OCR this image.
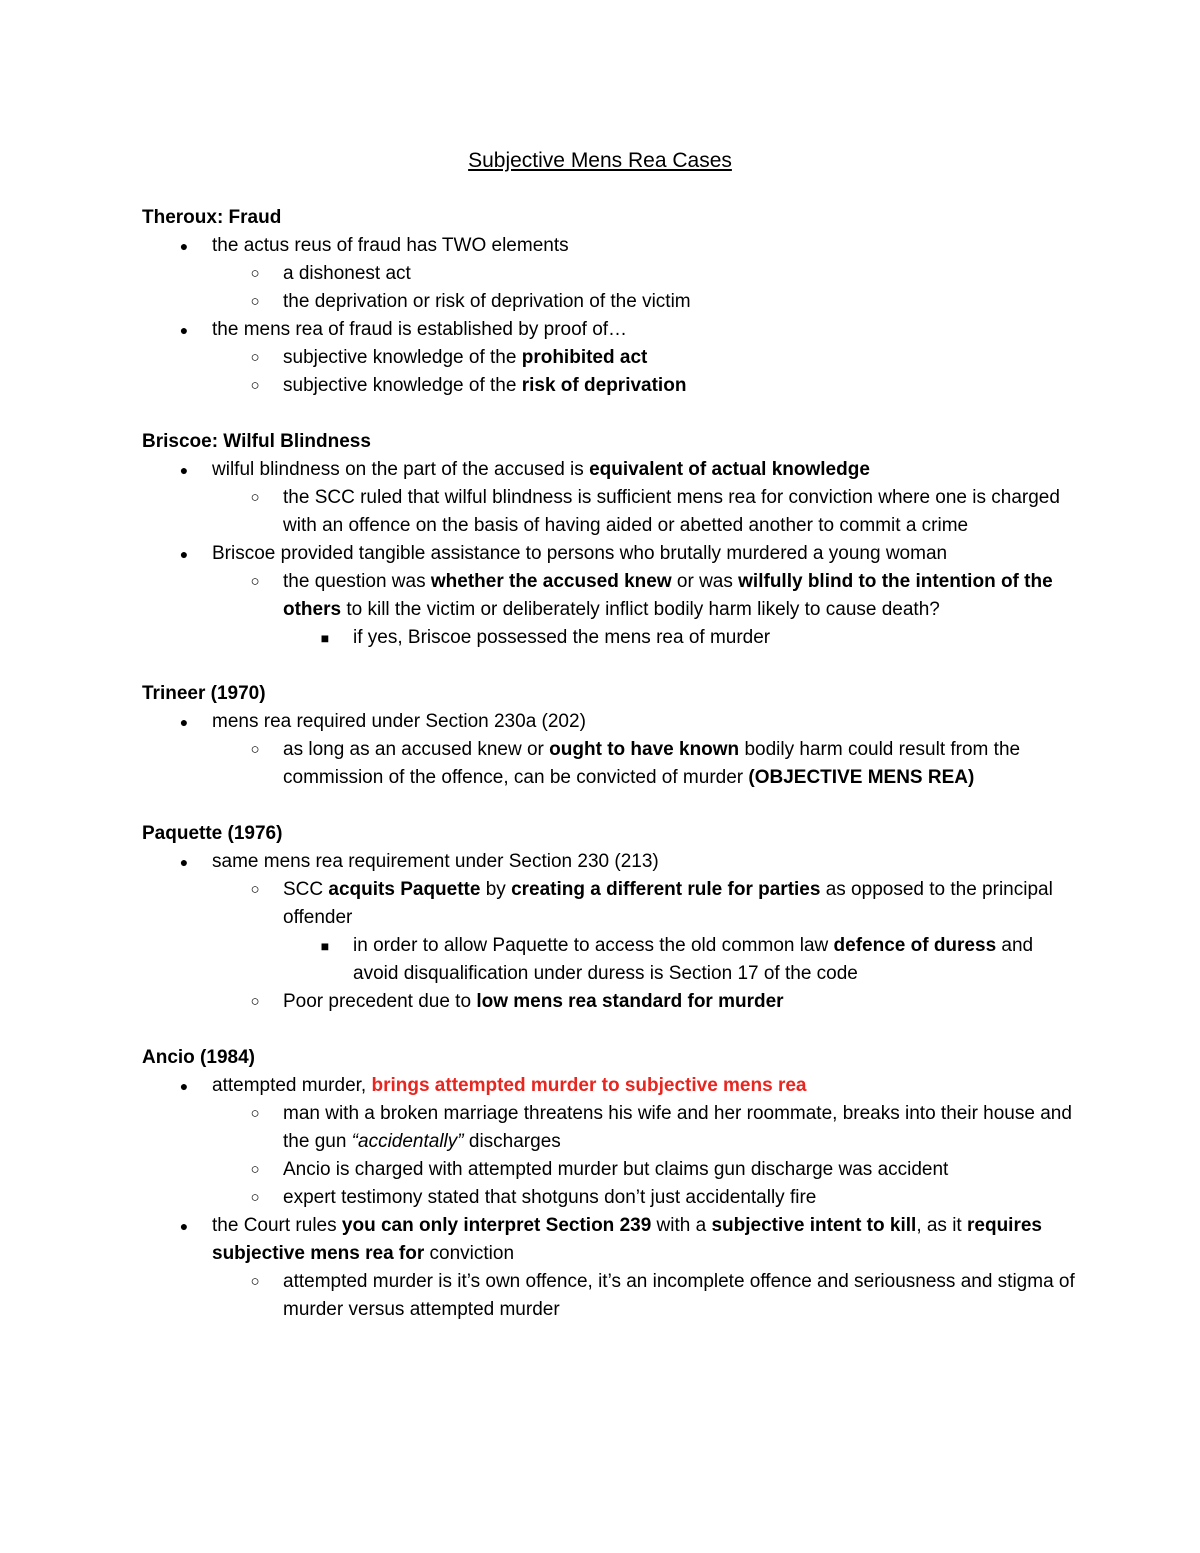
Subjective Mens Rea Cases

Theroux: Fraud

● the actus reus of fraud has TWO elements
○ a dishonest act
○ the deprivation or risk of deprivation of the victim
● the mens rea of fraud is established by proof of…
○ subjective knowledge of the prohibited act
○ subjective knowledge of the risk of deprivation

Briscoe: Wilful Blindness

● wilful blindness on the part of the accused is equivalent of actual knowledge
○ the SCC ruled that wilful blindness is sufficient mens rea for conviction where one is charged with an offence on the basis of having aided or abetted another to commit a crime
● Briscoe provided tangible assistance to persons who brutally murdered a young woman
○ the question was whether the accused knew or was wilfully blind to the intention of the others to kill the victim or deliberately inflict bodily harm likely to cause death?
■ if yes, Briscoe possessed the mens rea of murder

Trineer (1970)

● mens rea required under Section 230a (202)
○ as long as an accused knew or ought to have known bodily harm could result from the commission of the offence, can be convicted of murder (OBJECTIVE MENS REA)

Paquette (1976)

● same mens rea requirement under Section 230 (213)
○ SCC acquits Paquette by creating a different rule for parties as opposed to the principal offender
■ in order to allow Paquette to access the old common law defence of duress and avoid disqualification under duress is Section 17 of the code
○ Poor precedent due to low mens rea standard for murder

Ancio (1984)

● attempted murder, brings attempted murder to subjective mens rea
○ man with a broken marriage threatens his wife and her roommate, breaks into their house and the gun “accidentally” discharges
○ Ancio is charged with attempted murder but claims gun discharge was accident
○ expert testimony stated that shotguns don’t just accidentally fire
● the Court rules you can only interpret Section 239 with a subjective intent to kill, as it requires subjective mens rea for conviction
○ attempted murder is it’s own offence, it’s an incomplete offence and seriousness and stigma of murder versus attempted murder
